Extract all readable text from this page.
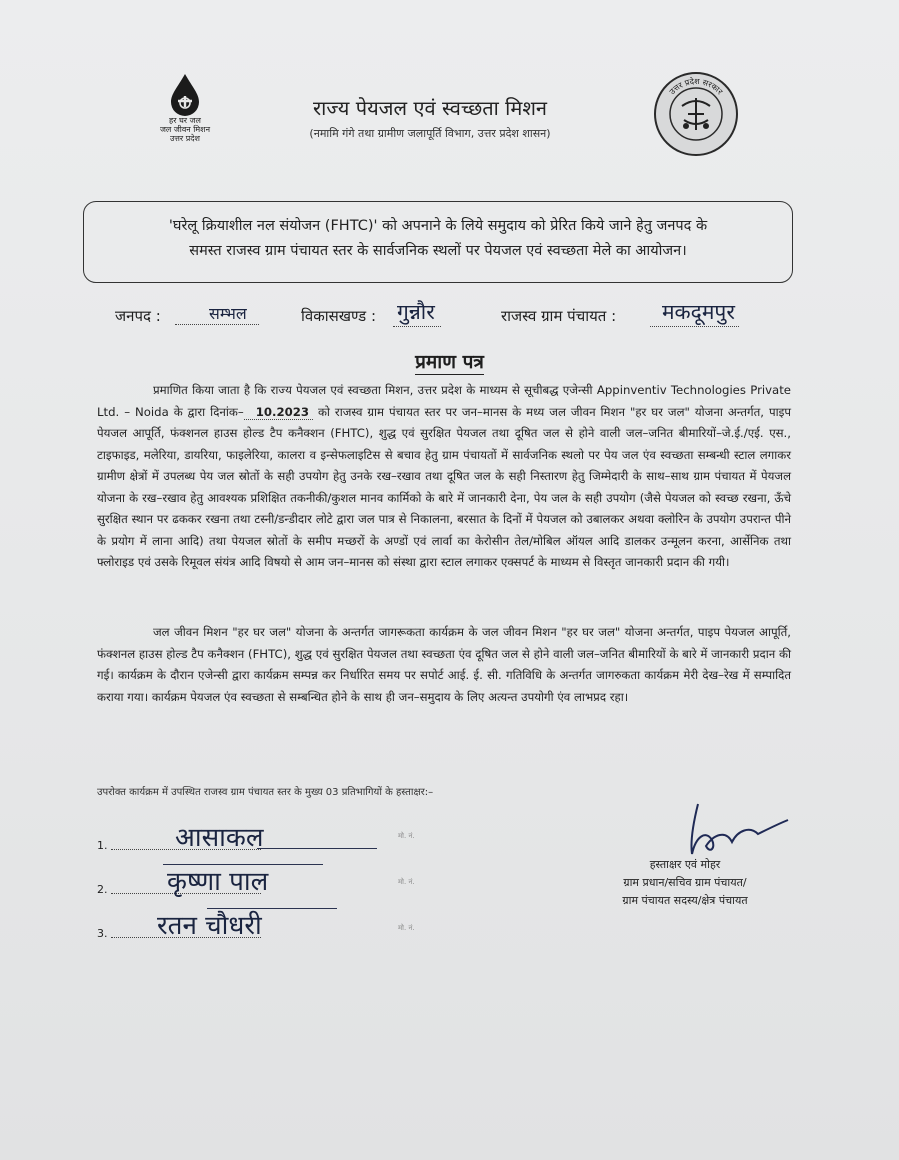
हर घर जल
जल जीवन मिशन
उत्तर प्रदेश
राज्य पेयजल एवं स्वच्छता मिशन
(नमामि गंगे तथा ग्रामीण जलापूर्ति विभाग, उत्तर प्रदेश शासन)
उत्तर प्रदेश सरकार
'घरेलू क्रियाशील नल संयोजन (FHTC)' को अपनाने के लिये समुदाय को प्रेरित किये जाने हेतु जनपद के
समस्त राजस्व ग्राम पंचायत स्तर के सार्वजनिक स्थलों पर पेयजल एवं स्वच्छता मेले का आयोजन।
जनपद :	सम्भल	विकासखण्ड : गुन्नौर	राजस्व ग्राम पंचायत :	मकदूमपुर
प्रमाण पत्र
प्रमाणित किया जाता है कि राज्य पेयजल एवं स्वच्छता मिशन, उत्तर प्रदेश के माध्यम से सूचीबद्ध एजेन्सी Appinventiv Technologies Private Ltd. – Noida के द्वारा दिनांक– 10.2023 को राजस्व ग्राम पंचायत स्तर पर जन–मानस के मध्य जल जीवन मिशन "हर घर जल" योजना अन्तर्गत, पाइप पेयजल आपूर्ति, फंक्शनल हाउस होल्ड टैप कनैक्शन (FHTC), शुद्ध एवं सुरक्षित पेयजल तथा दूषित जल से होने वाली जल–जनित बीमारियों–जे.ई./एई. एस., टाइफाइड, मलेरिया, डायरिया, फाइलेरिया, कालरा व इन्सेफलाइटिस से बचाव हेतु ग्राम पंचायतों में सार्वजनिक स्थलो पर पेय जल एंव स्वच्छता सम्बन्धी स्टाल लगाकर ग्रामीण क्षेत्रों में उपलब्ध पेय जल स्रोतों के सही उपयोग हेतु उनके रख–रखाव तथा दूषित जल के सही निस्तारण हेतु जिम्मेदारी के साथ–साथ ग्राम पंचायत में पेयजल योजना के रख–रखाव हेतु आवश्यक प्रशिक्षित तकनीकी/कुशल मानव कार्मिको के बारे में जानकारी देना, पेय जल के सही उपयोग (जैसे पेयजल को स्वच्छ रखना, ऊँचे सुरक्षित स्थान पर ढककर रखना तथा टस्नी/डन्डीदार लोटे द्वारा जल पात्र से निकालना, बरसात के दिनों में पेयजल को उबालकर अथवा क्लोरिन के उपयोग उपरान्त पीने के प्रयोग में लाना आदि) तथा पेयजल स्रोतों के समीप मच्छरों के अण्डों एवं लार्वा का केरोसीन तेल/मोबिल ऑयल आदि डालकर उन्मूलन करना, आर्सेनिक तथा फ्लोराइड एवं उसके रिमूवल संयंत्र आदि विषयो से आम जन–मानस को संस्था द्वारा स्टाल लगाकर एक्सपर्ट के माध्यम से विस्तृत जानकारी प्रदान की गयी।
जल जीवन मिशन "हर घर जल" योजना के अन्तर्गत जागरूकता कार्यक्रम के जल जीवन मिशन "हर घर जल" योजना अन्तर्गत, पाइप पेयजल आपूर्ति, फंक्शनल हाउस होल्ड टैप कनैक्शन (FHTC), शुद्ध एवं सुरक्षित पेयजल तथा स्वच्छता एंव दूषित जल से होने वाली जल–जनित बीमारियों के बारे में जानकारी प्रदान की गई। कार्यक्रम के दौरान एजेन्सी द्वारा कार्यक्रम सम्पन्न कर निर्धारित समय पर सपोर्ट आई. ई. सी. गतिविधि के अन्तर्गत जागरुकता कार्यक्रम मेरी देख–रेख में सम्पादित कराया गया। कार्यक्रम पेयजल एंव स्वच्छता से सम्बन्धित होने के साथ ही जन–समुदाय के लिए अत्यन्त उपयोगी एंव लाभप्रद रहा।
उपरोक्त कार्यक्रम में उपस्थित राजस्व ग्राम पंचायत स्तर के मुख्य 03 प्रतिभागियों के हस्ताक्षर:–
1.	आसाकल	मो. नं.
2. कृष्णा पाल	मो. नं.
3. रतन चौधरी	मो. नं.
हस्ताक्षर एवं मोहर
ग्राम प्रधान/सचिव ग्राम पंचायत/
ग्राम पंचायत सदस्य/क्षेत्र पंचायत
